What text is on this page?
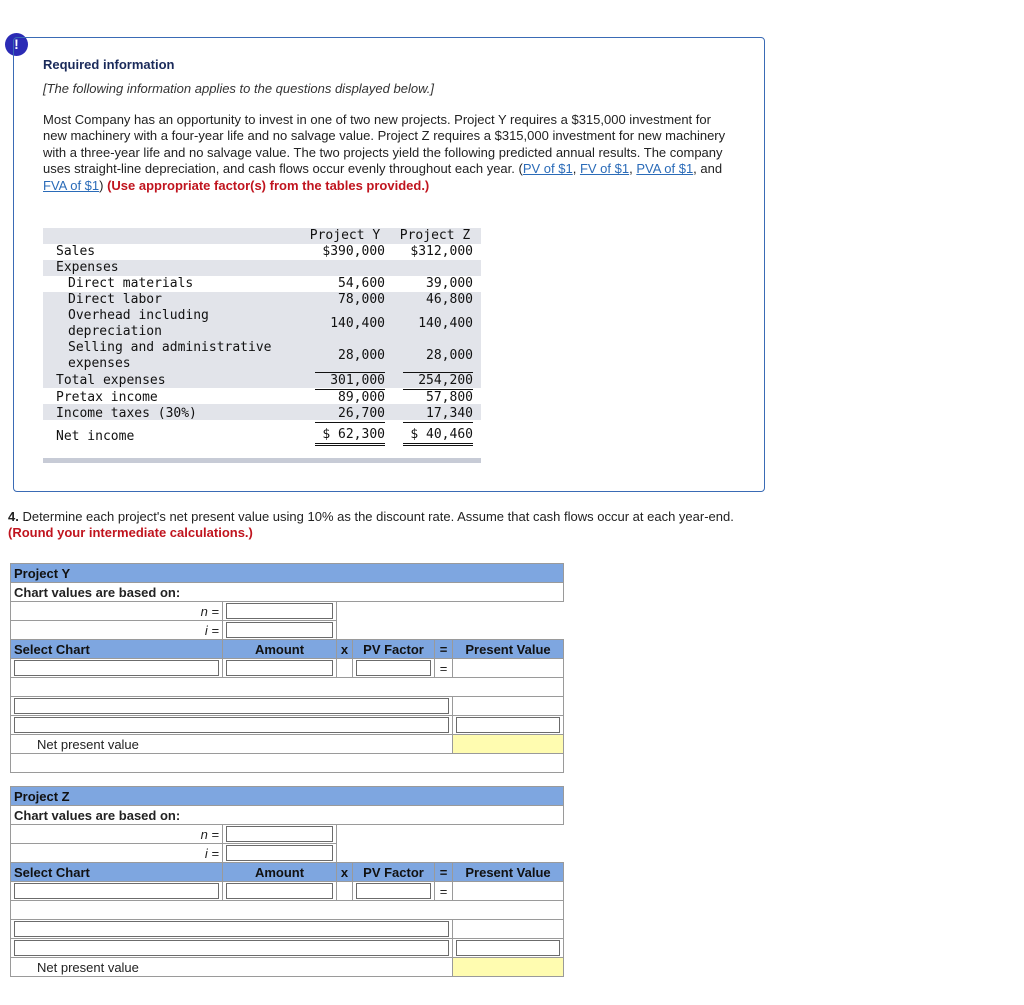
!
Required information
[The following information applies to the questions displayed below.]
Most Company has an opportunity to invest in one of two new projects. Project Y requires a $315,000 investment for new machinery with a four-year life and no salvage value. Project Z requires a $315,000 investment for new machinery with a three-year life and no salvage value. The two projects yield the following predicted annual results. The company uses straight-line depreciation, and cash flows occur evenly throughout each year. (PV of $1, FV of $1, PVA of $1, and FVA of $1) (Use appropriate factor(s) from the tables provided.)
Project Y	Project Z
Sales	$390,000 $312,000
Expenses
Direct materials	54,600	39,000
Direct labor	78,000	46,800
Overhead including
depreciation
140,400	140,400
Selling and administrative
expenses
28,000	28,000
Total expenses	301,000	254,200
Pretax income	89,000	57,800
Income taxes (30%)	26,700	17,340
Net income	$ 62,300	$ 40,460
4. Determine each project's net present value using 10% as the discount rate. Assume that cash flows occur at each year-end. (Round your intermediate calculations.)
Project Y					
Chart values are based on:					
n =				

i =				

Select Chart	Amount	x	PV Factor	=	Present Value

	=	

Net present value					

Project Z					
Chart values are based on:					
n =				

i =				

Select Chart	Amount	x	PV Factor	=	Present Value

	=	

Net present value					
